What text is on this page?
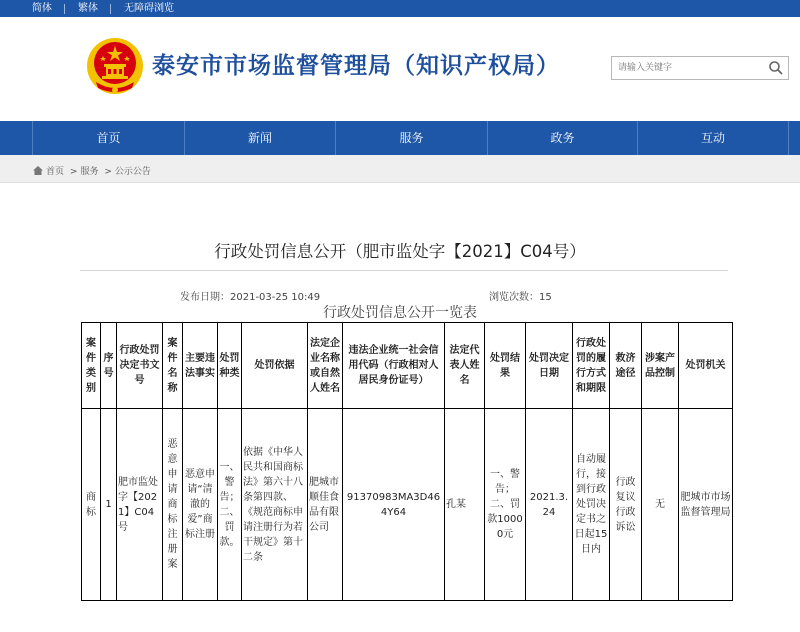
简体	繁体	无障碍浏览
泰安市市场监督管理局（知识产权局）
请输入关键字
首页	新闻	服务	政务	互动
首页 > 服务 > 公示公告
行政处罚信息公开（肥市监处字【2021】C04号）
发布日期：2021-03-25 10:49	浏览次数：15
行政处罚信息公开一览表
案件类别	序号	行政处罚决定书文号	案件名称	主要违法事实	处罚种类	处罚依据	法定企业名称或自然人姓名	违法企业统一社会信用代码（行政相对人居民身份证号）	法定代表人姓名	处罚结果	处罚决定日期	行政处罚的履行方式和期限	救济途径	涉案产品控制	处罚机关
商标	1	肥市监处字【2021】C04号	恶意申请商标注册案	恶意申请“清澈的爱”商标注册	一、警告；二、罚款。	依据《中华人民共和国商标法》第六十八条第四款、《规范商标申请注册行为若干规定》第十二条	肥城市顺佳食品有限公司	91370983MA3D464Y64	孔某	一、警告；二、罚款10000元	2021.3.24	自动履行，接到行政处罚决定书之日起15日内	行政复议 行政诉讼	无	肥城市市场监督管理局
